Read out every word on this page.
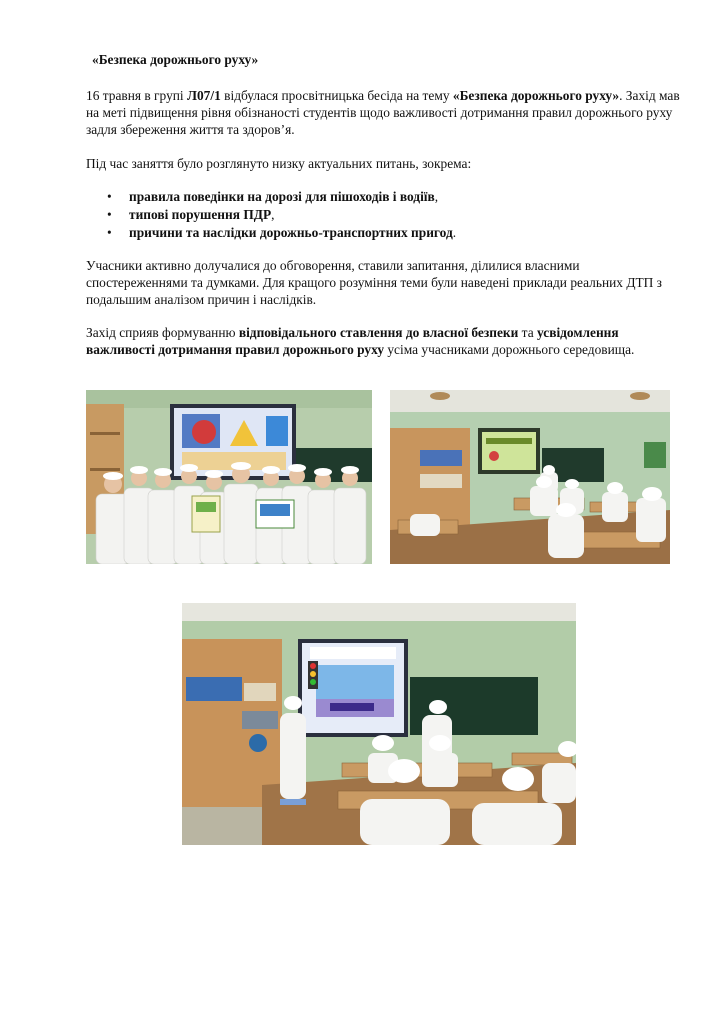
«Безпека дорожнього руху»

16 травня в групі Л07/1 відбулася просвітницька бесіда на тему «Безпека дорожнього руху». Захід мав на меті підвищення рівня обізнаності студентів щодо важливості дотримання правил дорожнього руху задля збереження життя та здоров’я.

Під час заняття було розглянуто низку актуальних питань, зокрема:

• правила поведінки на дорозі для пішоходів і водіїв,
• типові порушення ПДР,
• причини та наслідки дорожньо-транспортних пригод.

Учасники активно долучалися до обговорення, ставили запитання, ділилися власними спостереженнями та думками. Для кращого розуміння теми були наведені приклади реальних ДТП з подальшим аналізом причин і наслідків.

Захід сприяв формуванню відповідального ставлення до власної безпеки та усвідомлення важливості дотримання правил дорожнього руху усіма учасниками дорожнього середовища.
